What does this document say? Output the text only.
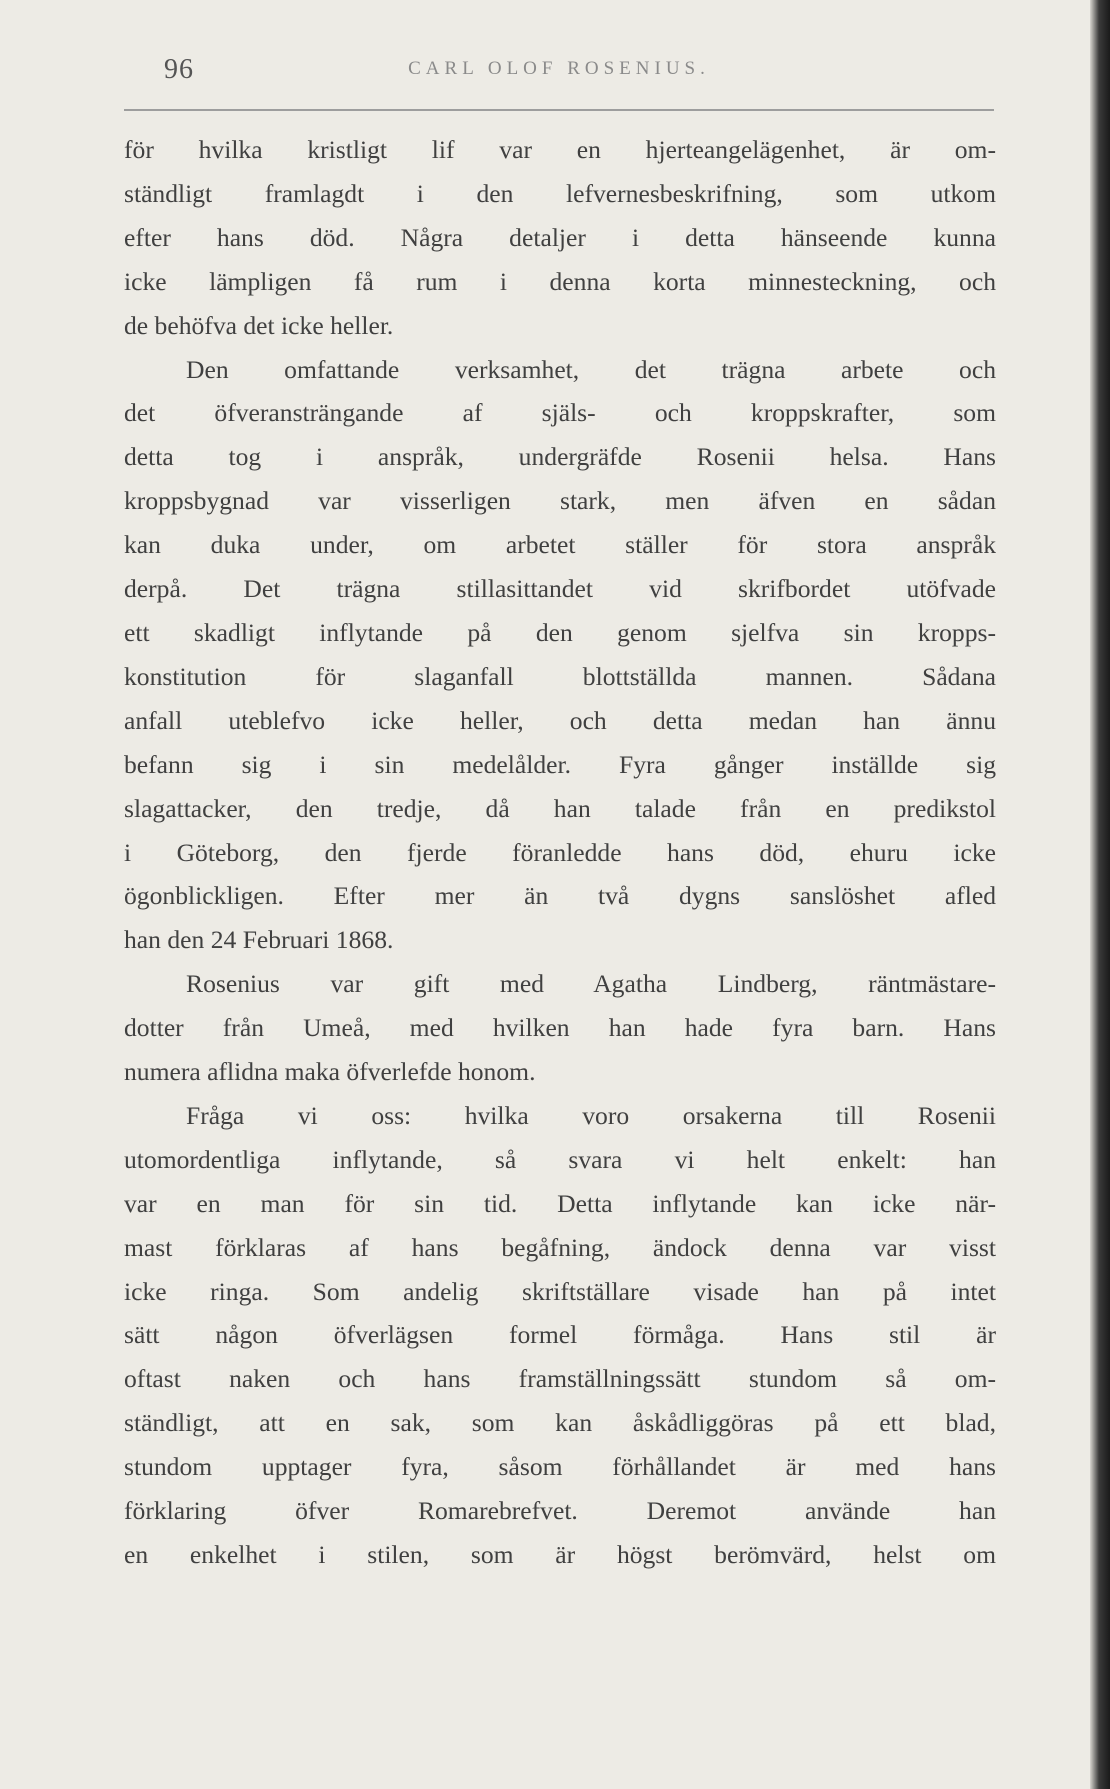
96	CARL OLOF ROSENIUS.

för hvilka kristligt lif var en hjerteangelägenhet, är om-
ständligt framlagdt i den lefvernesbeskrifning, som utkom
efter hans död. Några detaljer i detta hänseende kunna
icke lämpligen få rum i denna korta minnesteckning, och
de behöfva det icke heller.

Den omfattande verksamhet, det trägna arbete och
det öfveransträngande af själs- och kroppskrafter, som
detta tog i anspråk, undergräfde Rosenii helsa. Hans
kroppsbygnad var visserligen stark, men äfven en sådan
kan duka under, om arbetet ställer för stora anspråk
derpå. Det trägna stillasittandet vid skrifbordet utöfvade
ett skadligt inflytande på den genom sjelfva sin kropps-
konstitution för slaganfall blottställda mannen. Sådana
anfall uteblefvo icke heller, och detta medan han ännu
befann sig i sin medelålder. Fyra gånger inställde sig
slagattacker, den tredje, då han talade från en predikstol
i Göteborg, den fjerde föranledde hans död, ehuru icke
ögonblickligen. Efter mer än två dygns sanslöshet afled
han den 24 Februari 1868.

Rosenius var gift med Agatha Lindberg, räntmästare-
dotter från Umeå, med hvilken han hade fyra barn. Hans
numera aflidna maka öfverlefde honom.

Fråga vi oss: hvilka voro orsakerna till Rosenii
utomordentliga inflytande, så svara vi helt enkelt: han
var en man för sin tid. Detta inflytande kan icke när-
mast förklaras af hans begåfning, ändock denna var visst
icke ringa. Som andelig skriftställare visade han på intet
sätt någon öfverlägsen formel förmåga. Hans stil är
oftast naken och hans framställningssätt stundom så om-
ständligt, att en sak, som kan åskådliggöras på ett blad,
stundom upptager fyra, såsom förhållandet är med hans
förklaring öfver Romarebrefvet. Deremot använde han
en enkelhet i stilen, som är högst berömvärd, helst om
